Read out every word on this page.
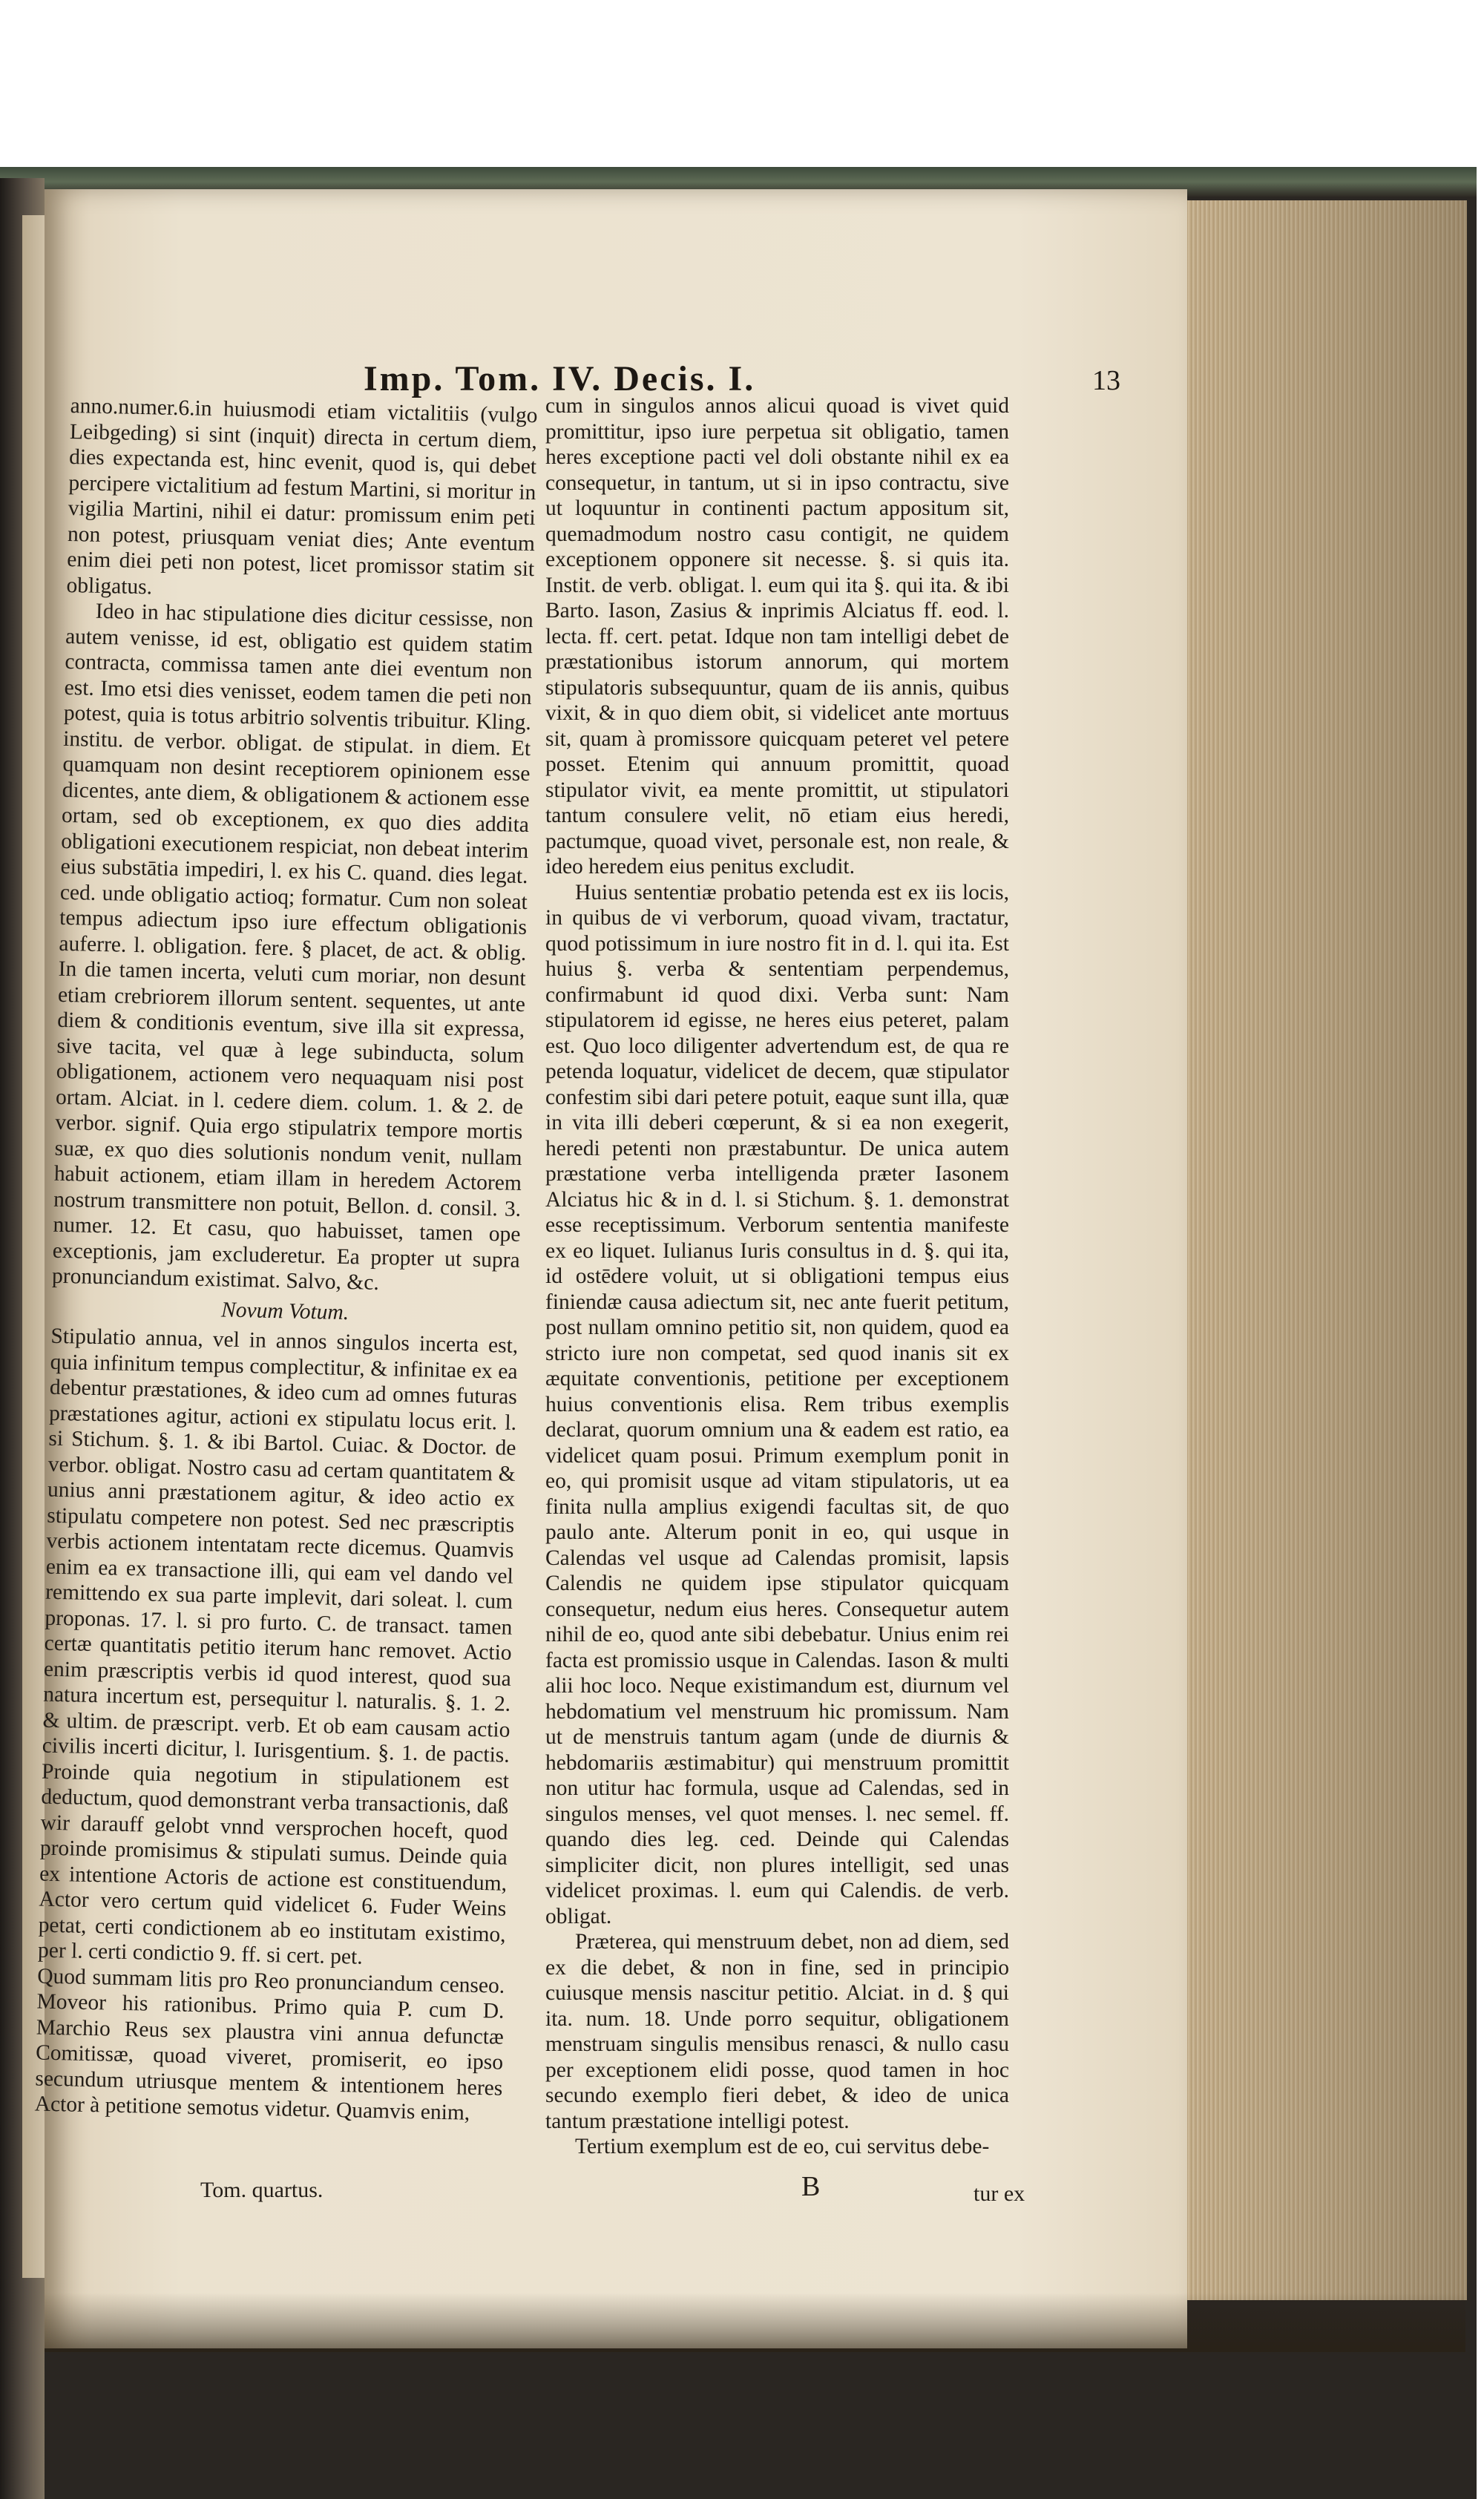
Imp. Tom. IV. Decis. I.	13

anno.numer.6.in huiusmodi etiam victalitiis (vulgo Leibgeding) si sint (inquit) directa in certum diem, dies expectanda est, hinc evenit, quod is, qui debet percipere victalitium ad festum Martini, si moritur in vigilia Martini, nihil ei datur: promissum enim peti non potest, priusquam veniat dies; Ante eventum enim diei peti non potest, licet promissor statim sit obligatus.

Ideo in hac stipulatione dies dicitur cessisse, non autem venisse, id est, obligatio est quidem statim contracta, commissa tamen ante diei eventum non est. Imo etsi dies venisset, eodem tamen die peti non potest, quia is totus arbitrio solventis tribuitur. Kling. institu. de verbor. obligat. de stipulat. in diem. Et quamquam non desint receptiorem opinionem esse dicentes, ante diem, & obligationem & actionem esse ortam, sed ob exceptionem, ex quo dies addita obligationi executionem respiciat, non debeat interim eius substātia impediri, l. ex his C. quand. dies legat. ced. unde obligatio actioq; formatur. Cum non soleat tempus adiectum ipso iure effectum obligationis auferre. l. obligation. fere. § placet, de act. & oblig. In die tamen incerta, veluti cum moriar, non desunt etiam crebriorem illorum sentent. sequentes, ut ante diem & conditionis eventum, sive illa sit expressa, sive tacita, vel quæ à lege subinducta, solum obligationem, actionem vero nequaquam nisi post ortam. Alciat. in l. cedere diem. colum. 1. & 2. de verbor. signif. Quia ergo stipulatrix tempore mortis suæ, ex quo dies solutionis nondum venit, nullam habuit actionem, etiam illam in heredem Actorem nostrum transmittere non potuit, Bellon. d. consil. 3. numer. 12. Et casu, quo habuisset, tamen ope exceptionis, jam excluderetur. Ea propter ut supra pronunciandum existimat. Salvo, &c.

Novum Votum.

Stipulatio annua, vel in annos singulos incerta est, quia infinitum tempus complectitur, & infinitae ex ea debentur præstationes, & ideo cum ad omnes futuras præstationes agitur, actioni ex stipulatu locus erit. l. si Stichum. §. 1. & ibi Bartol. Cuiac. & Doctor. de verbor. obligat. Nostro casu ad certam quantitatem & unius anni præstationem agitur, & ideo actio ex stipulatu competere non potest. Sed nec præscriptis verbis actionem intentatam recte dicemus. Quamvis enim ea ex transactione illi, qui eam vel dando vel remittendo ex sua parte implevit, dari soleat. l. cum proponas. 17. l. si pro furto. C. de transact. tamen certæ quantitatis petitio iterum hanc removet. Actio enim præscriptis verbis id quod interest, quod sua natura incertum est, persequitur l. naturalis. §. 1. 2. & ultim. de præscript. verb. Et ob eam causam actio civilis incerti dicitur, l. Iurisgentium. §. 1. de pactis. Proinde quia negotium in stipulationem est deductum, quod demonstrant verba transactionis, daß wir darauff gelobt vnnd versprochen hoceft, quod proinde promisimus & stipulati sumus. Deinde quia ex intentione Actoris de actione est constituendum, Actor vero certum quid videlicet 6. Fuder Weins petat, certi condictionem ab eo institutam existimo, per l. certi condictio 9. ff. si cert. pet.

Quod summam litis pro Reo pronunciandum censeo. Moveor his rationibus. Primo quia P. cum D. Marchio Reus sex plaustra vini annua defunctæ Comitissæ, quoad viveret, promiserit, eo ipso secundum utriusque mentem & intentionem heres Actor à petitione semotus videtur. Quamvis enim,

cum in singulos annos alicui quoad is vivet quid promittitur, ipso iure perpetua sit obligatio, tamen heres exceptione pacti vel doli obstante nihil ex ea consequetur, in tantum, ut si in ipso contractu, sive ut loquuntur in continenti pactum appositum sit, quemadmodum nostro casu contigit, ne quidem exceptionem opponere sit necesse. §. si quis ita. Instit. de verb. obligat. l. eum qui ita §. qui ita. & ibi Barto. Iason, Zasius & inprimis Alciatus ff. eod. l. lecta. ff. cert. petat. Idque non tam intelligi debet de præstationibus istorum annorum, qui mortem stipulatoris subsequuntur, quam de iis annis, quibus vixit, & in quo diem obit, si videlicet ante mortuus sit, quam à promissore quicquam peteret vel petere posset. Etenim qui annuum promittit, quoad stipulator vivit, ea mente promittit, ut stipulatori tantum consulere velit, nō etiam eius heredi, pactumque, quoad vivet, personale est, non reale, & ideo heredem eius penitus excludit.

Huius sententiæ probatio petenda est ex iis locis, in quibus de vi verborum, quoad vivam, tractatur, quod potissimum in iure nostro fit in d. l. qui ita. Est huius §. verba & sententiam perpendemus, confirmabunt id quod dixi. Verba sunt: Nam stipulatorem id egisse, ne heres eius peteret, palam est. Quo loco diligenter advertendum est, de qua re petenda loquatur, videlicet de decem, quæ stipulator confestim sibi dari petere potuit, eaque sunt illa, quæ in vita illi deberi cœperunt, & si ea non exegerit, heredi petenti non præstabuntur. De unica autem præstatione verba intelligenda præter Iasonem Alciatus hic & in d. l. si Stichum. §. 1. demonstrat esse receptissimum. Verborum sententia manifeste ex eo liquet. Iulianus Iuris consultus in d. §. qui ita, id ostēdere voluit, ut si obligationi tempus eius finiendæ causa adiectum sit, nec ante fuerit petitum, post nullam omnino petitio sit, non quidem, quod ea stricto iure non competat, sed quod inanis sit ex æquitate conventionis, petitione per exceptionem huius conventionis elisa. Rem tribus exemplis declarat, quorum omnium una & eadem est ratio, ea videlicet quam posui. Primum exemplum ponit in eo, qui promisit usque ad vitam stipulatoris, ut ea finita nulla amplius exigendi facultas sit, de quo paulo ante. Alterum ponit in eo, qui usque in Calendas vel usque ad Calendas promisit, lapsis Calendis ne quidem ipse stipulator quicquam consequetur, nedum eius heres. Consequetur autem nihil de eo, quod ante sibi debebatur. Unius enim rei facta est promissio usque in Calendas. Iason & multi alii hoc loco. Neque existimandum est, diurnum vel hebdomatium vel menstruum hic promissum. Nam ut de menstruis tantum agam (unde de diurnis & hebdomariis æstimabitur) qui menstruum promittit non utitur hac formula, usque ad Calendas, sed in singulos menses, vel quot menses. l. nec semel. ff. quando dies leg. ced. Deinde qui Calendas simpliciter dicit, non plures intelligit, sed unas videlicet proximas. l. eum qui Calendis. de verb. obligat.

Præterea, qui menstruum debet, non ad diem, sed ex die debet, & non in fine, sed in principio cuiusque mensis nascitur petitio. Alciat. in d. § qui ita. num. 18. Unde porro sequitur, obligationem menstruam singulis mensibus renasci, & nullo casu per exceptionem elidi posse, quod tamen in hoc secundo exemplo fieri debet, & ideo de unica tantum præstatione intelligi potest.

Tertium exemplum est de eo, cui servitus debe-

Tom. quartus.	B	tur ex
